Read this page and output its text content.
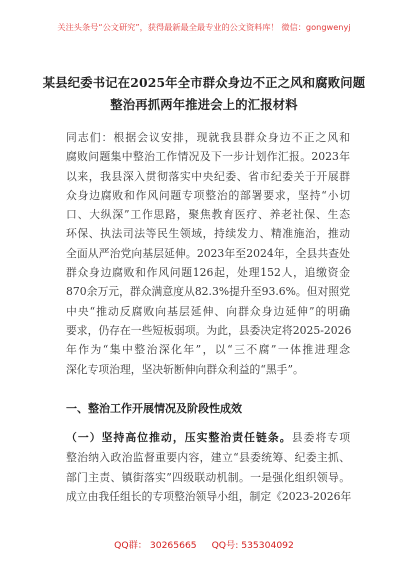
关注头条号“公文研究”，获得最新最全最专业的公文资料库！ 微信：gongwenyj
某县纪委书记在2025年全市群众身边不正之风和腐败问题
整治再抓两年推进会上的汇报材料
同志们：根据会议安排，现就我县群众身边不正之风和
腐败问题集中整治工作情况及下一步计划作汇报。2023年
以来，我县深入贯彻落实中央纪委、省市纪委关于开展群
众身边腐败和作风问题专项整治的部署要求，坚持“小切
口、大纵深”工作思路，聚焦教育医疗、养老社保、生态
环保、执法司法等民生领域，持续发力、精准施治，推动
全面从严治党向基层延伸。2023年至2024年，全县共查处
群众身边腐败和作风问题126起，处理152人，追缴资金
870余万元，群众满意度从82.3%提升至93.6%。但对照党
中央“推动反腐败向基层延伸、向群众身边延伸”的明确
要求，仍存在一些短板弱项。为此，县委决定将2025-2026
年作为“集中整治深化年”，以“三不腐”一体推进理念
深化专项治理，坚决斩断伸向群众利益的“黑手”。
一、整治工作开展情况及阶段性成效
（一）坚持高位推动，压实整治责任链条。县委将专项
整治纳入政治监督重要内容，建立“县委统筹、纪委主抓、
部门主责、镇街落实”四级联动机制。一是强化组织领导。
成立由我任组长的专项整治领导小组，制定《2023-2026年
QQ群： 30265665 QQ号: 535304092
